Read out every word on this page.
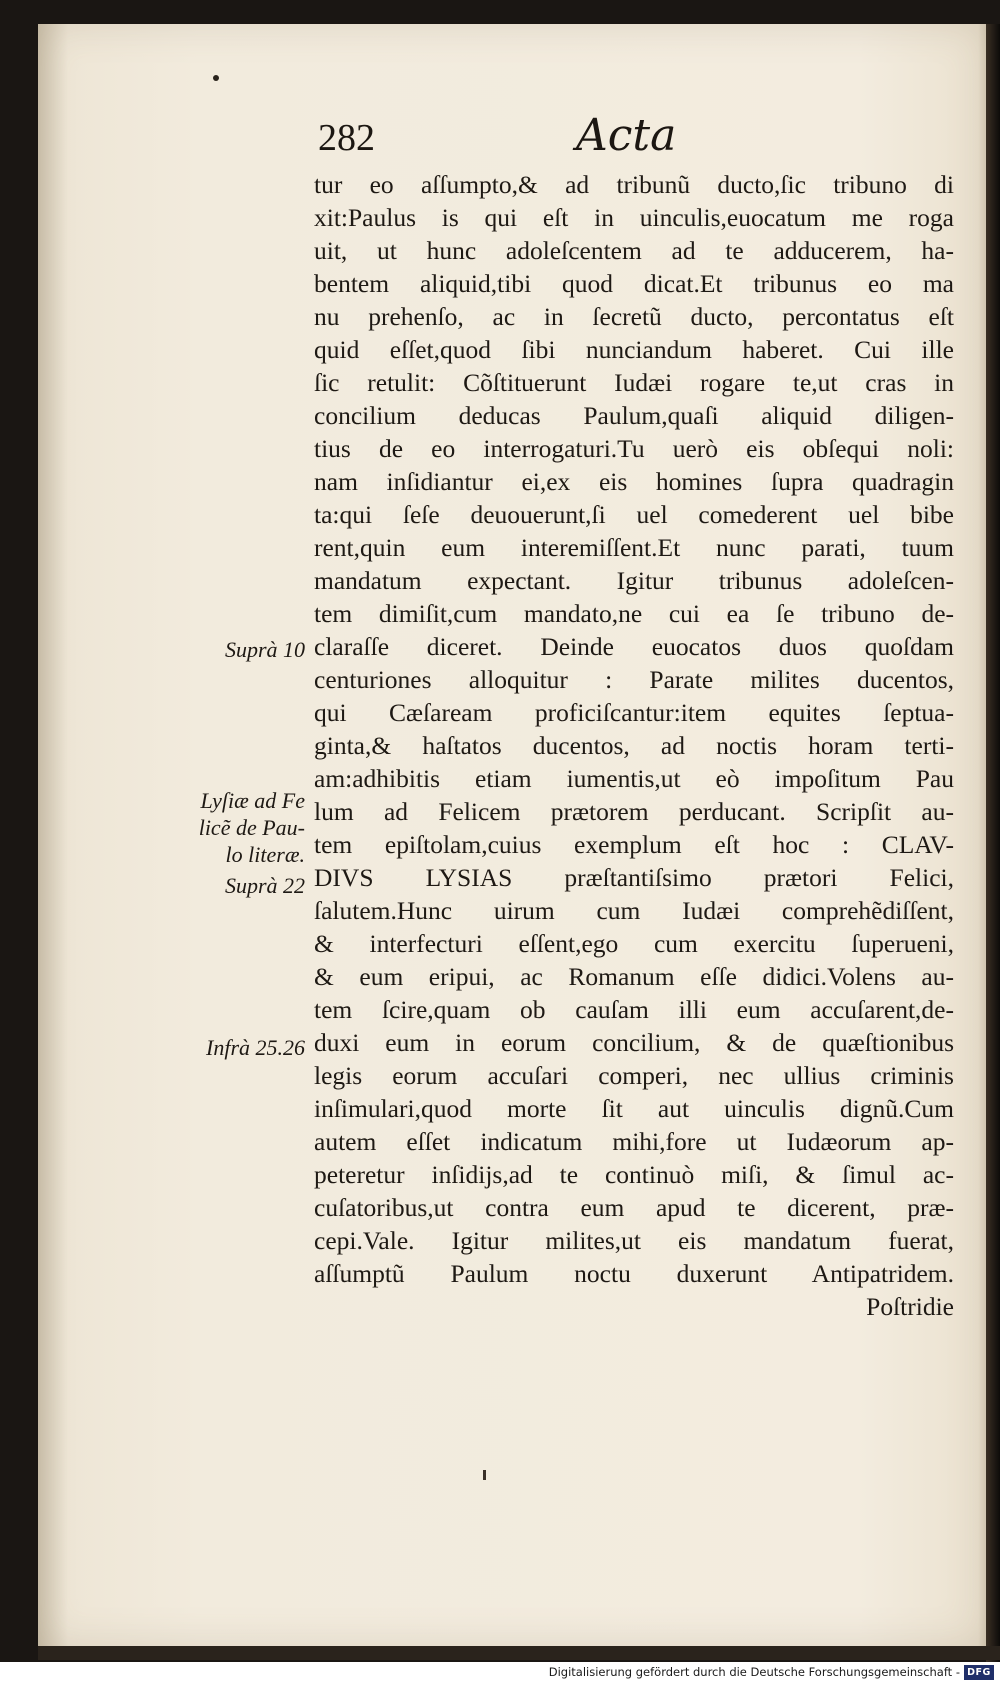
282	Acta
Suprà 10
Lyſiæ ad Fe
licẽ de Pau-
lo literæ.
Suprà 22
Infrà 25.26
tur eo aſſumpto,& ad tribunũ ducto,ſic tribuno di
xit:Paulus is qui eſt in uinculis,euocatum me roga
uit, ut hunc adoleſcentem ad te adducerem, ha-
bentem aliquid,tibi quod dicat.Et tribunus eo ma
nu prehenſo, ac in ſecretũ ducto, percontatus eſt
quid eſſet,quod ſibi nunciandum haberet. Cui ille
ſic retulit: Cõſtituerunt Iudæi rogare te,ut cras in
concilium deducas Paulum,quaſi aliquid diligen-
tius de eo interrogaturi.Tu uerò eis obſequi noli:
nam inſidiantur ei,ex eis homines ſupra quadragin
ta:qui ſeſe deuouerunt,ſi uel comederent uel bibe
rent,quin eum interemiſſent.Et nunc parati, tuum
mandatum expectant. Igitur tribunus adoleſcen-
tem dimiſit,cum mandato,ne cui ea ſe tribuno de-
claraſſe diceret. Deinde euocatos duos quoſdam
centuriones alloquitur : Parate milites ducentos,
qui Cæſaream proficiſcantur:item equites ſeptua-
ginta,& haſtatos ducentos, ad noctis horam terti-
am:adhibitis etiam iumentis,ut eò impoſitum Pau
lum ad Felicem prætorem perducant. Scripſit au-
tem epiſtolam,cuius exemplum eſt hoc : CLAV-
DIVS LYSIAS præſtantiſsimo prætori Felici,
ſalutem.Hunc uirum cum Iudæi comprehẽdiſſent,
& interfecturi eſſent,ego cum exercitu ſuperueni,
& eum eripui, ac Romanum eſſe didici.Volens au-
tem ſcire,quam ob cauſam illi eum accuſarent,de-
duxi eum in eorum concilium, & de quæſtionibus
legis eorum accuſari comperi, nec ullius criminis
inſimulari,quod morte ſit aut uinculis dignũ.Cum
autem eſſet indicatum mihi,fore ut Iudæorum ap-
peteretur inſidijs,ad te continuò miſi, & ſimul ac-
cuſatoribus,ut contra eum apud te dicerent, præ-
cepi.Vale. Igitur milites,ut eis mandatum fuerat,
aſſumptũ Paulum noctu duxerunt Antipatridem.
Poſtridie
Digitalisierung gefördert durch die Deutsche Forschungsgemeinschaft - DFG
